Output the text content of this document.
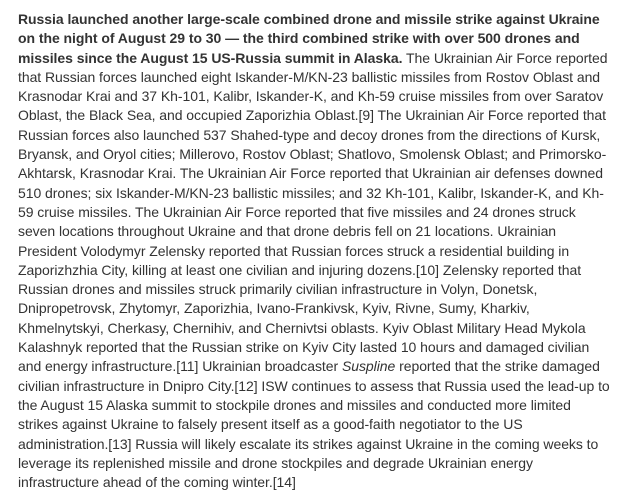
Russia launched another large-scale combined drone and missile strike against Ukraine on the night of August 29 to 30 — the third combined strike with over 500 drones and missiles since the August 15 US-Russia summit in Alaska. The Ukrainian Air Force reported that Russian forces launched eight Iskander-M/KN-23 ballistic missiles from Rostov Oblast and Krasnodar Krai and 37 Kh-101, Kalibr, Iskander-K, and Kh-59 cruise missiles from over Saratov Oblast, the Black Sea, and occupied Zaporizhia Oblast.[9] The Ukrainian Air Force reported that Russian forces also launched 537 Shahed-type and decoy drones from the directions of Kursk, Bryansk, and Oryol cities; Millerovo, Rostov Oblast; Shatlovo, Smolensk Oblast; and Primorsko-Akhtarsk, Krasnodar Krai. The Ukrainian Air Force reported that Ukrainian air defenses downed 510 drones; six Iskander-M/KN-23 ballistic missiles; and 32 Kh-101, Kalibr, Iskander-K, and Kh-59 cruise missiles. The Ukrainian Air Force reported that five missiles and 24 drones struck seven locations throughout Ukraine and that drone debris fell on 21 locations. Ukrainian President Volodymyr Zelensky reported that Russian forces struck a residential building in Zaporizhzhia City, killing at least one civilian and injuring dozens.[10] Zelensky reported that Russian drones and missiles struck primarily civilian infrastructure in Volyn, Donetsk, Dnipropetrovsk, Zhytomyr, Zaporizhia, Ivano-Frankivsk, Kyiv, Rivne, Sumy, Kharkiv, Khmelnytskyi, Cherkasy, Chernihiv, and Chernivtsi oblasts. Kyiv Oblast Military Head Mykola Kalashnyk reported that the Russian strike on Kyiv City lasted 10 hours and damaged civilian and energy infrastructure.[11] Ukrainian broadcaster Suspline reported that the strike damaged civilian infrastructure in Dnipro City.[12] ISW continues to assess that Russia used the lead-up to the August 15 Alaska summit to stockpile drones and missiles and conducted more limited strikes against Ukraine to falsely present itself as a good-faith negotiator to the US administration.[13] Russia will likely escalate its strikes against Ukraine in the coming weeks to leverage its replenished missile and drone stockpiles and degrade Ukrainian energy infrastructure ahead of the coming winter.[14]
